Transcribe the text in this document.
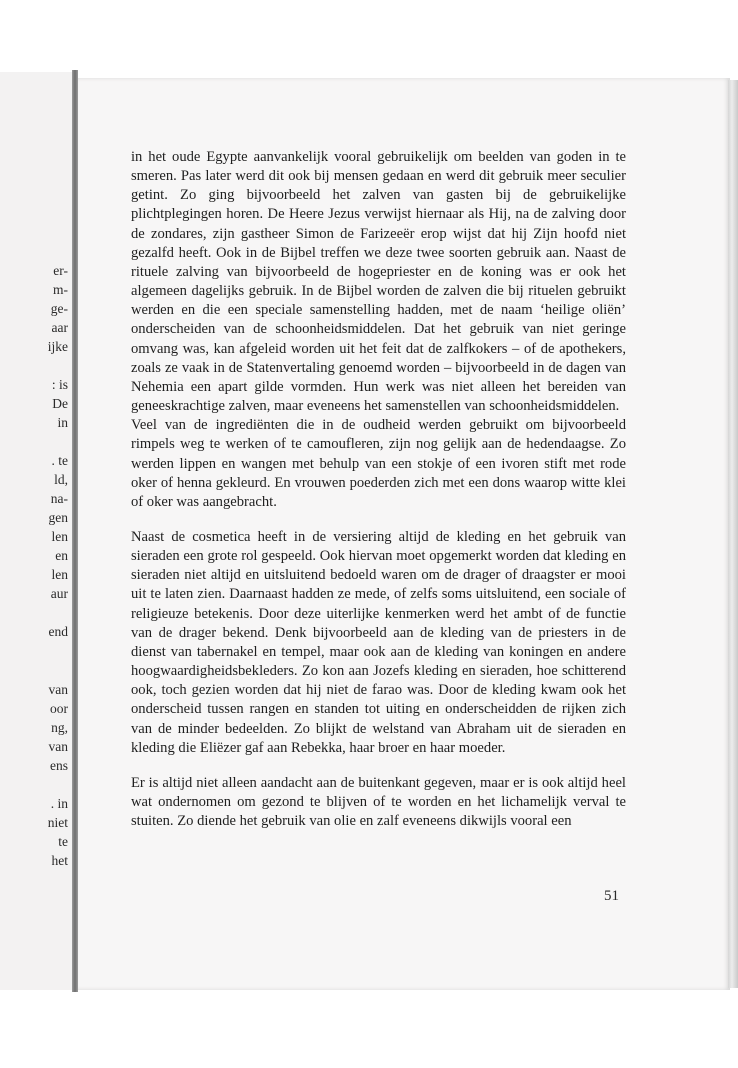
er-
m-
ge-
aar
ijke
: is
De
in
. te
ld,
na-
gen
len
en
len
aur
end
van
oor
ng,
van
ens
. in
niet
te
het

in het oude Egypte aanvankelijk vooral gebruikelijk om beelden van goden in te smeren. Pas later werd dit ook bij mensen gedaan en werd dit gebruik meer seculier getint. Zo ging bijvoorbeeld het zalven van gasten bij de gebruikelijke plichtplegingen horen. De Heere Jezus verwijst hiernaar als Hij, na de zalving door de zondares, zijn gastheer Simon de Farizeeër erop wijst dat hij Zijn hoofd niet gezalfd heeft. Ook in de Bijbel treffen we deze twee soorten gebruik aan. Naast de rituele zalving van bijvoorbeeld de hogepriester en de koning was er ook het algemeen dagelijks gebruik. In de Bijbel worden de zalven die bij rituelen gebruikt werden en die een speciale samenstelling hadden, met de naam ‘heilige oliën’ onderscheiden van de schoonheidsmiddelen. Dat het gebruik van niet geringe omvang was, kan afgeleid worden uit het feit dat de zalfkokers – of de apothekers, zoals ze vaak in de Statenvertaling genoemd worden – bijvoorbeeld in de dagen van Nehemia een apart gilde vormden. Hun werk was niet alleen het bereiden van geneeskrachtige zalven, maar eveneens het samenstellen van schoonheidsmiddelen.

Veel van de ingrediënten die in de oudheid werden gebruikt om bijvoorbeeld rimpels weg te werken of te camoufleren, zijn nog gelijk aan de hedendaagse. Zo werden lippen en wangen met behulp van een stokje of een ivoren stift met rode oker of henna gekleurd. En vrouwen poederden zich met een dons waarop witte klei of oker was aangebracht.

Naast de cosmetica heeft in de versiering altijd de kleding en het gebruik van sieraden een grote rol gespeeld. Ook hiervan moet opgemerkt worden dat kleding en sieraden niet altijd en uitsluitend bedoeld waren om de drager of draagster er mooi uit te laten zien. Daarnaast hadden ze mede, of zelfs soms uitsluitend, een sociale of religieuze betekenis. Door deze uiterlijke kenmerken werd het ambt of de functie van de drager bekend. Denk bijvoorbeeld aan de kleding van de priesters in de dienst van tabernakel en tempel, maar ook aan de kleding van koningen en andere hoogwaardigheidsbekleders. Zo kon aan Jozefs kleding en sieraden, hoe schitterend ook, toch gezien worden dat hij niet de farao was. Door de kleding kwam ook het onderscheid tussen rangen en standen tot uiting en onderscheidden de rijken zich van de minder bedeelden. Zo blijkt de welstand van Abraham uit de sieraden en kleding die Eliëzer gaf aan Rebekka, haar broer en haar moeder.

Er is altijd niet alleen aandacht aan de buitenkant gegeven, maar er is ook altijd heel wat ondernomen om gezond te blijven of te worden en het lichamelijk verval te stuiten. Zo diende het gebruik van olie en zalf eveneens dikwijls vooral een

51
